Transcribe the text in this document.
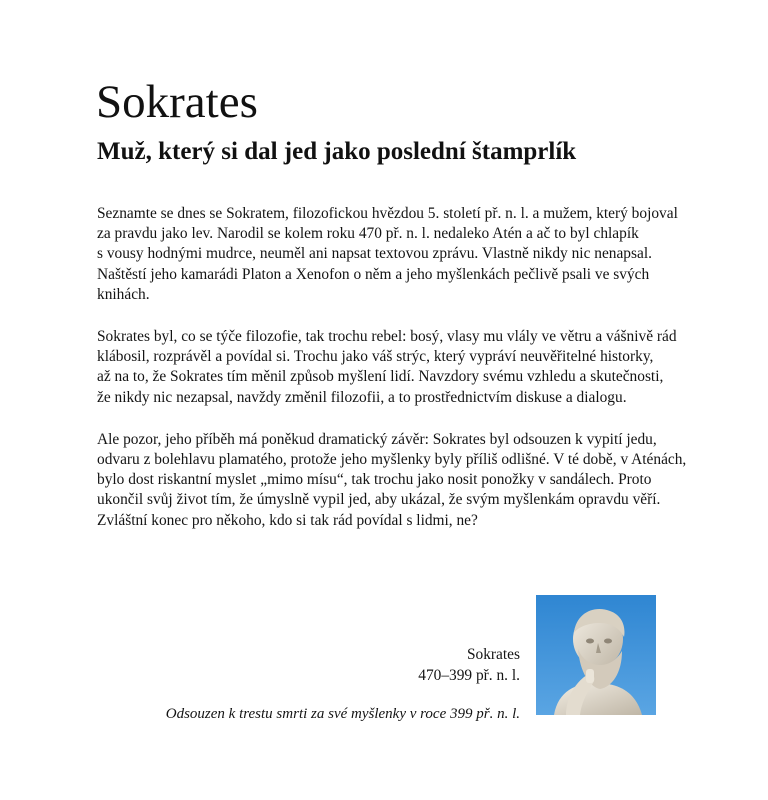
Sokrates
Muž, který si dal jed jako poslední štamprlík

Seznamte se dnes se Sokratem, filozofickou hvězdou 5. století př. n. l. a mužem, který bojoval
za pravdu jako lev. Narodil se kolem roku 470 př. n. l. nedaleko Atén a ač to byl chlapík
s vousy hodnými mudrce, neuměl ani napsat textovou zprávu. Vlastně nikdy nic nenapsal.
Naštěstí jeho kamarádi Platon a Xenofon o něm a jeho myšlenkách pečlivě psali ve svých
knihách.

Sokrates byl, co se týče filozofie, tak trochu rebel: bosý, vlasy mu vlály ve větru a vášnivě rád
klábosil, rozprávěl a povídal si. Trochu jako váš strýc, který vypráví neuvěřitelné historky,
až na to, že Sokrates tím měnil způsob myšlení lidí. Navzdory svému vzhledu a skutečnosti,
že nikdy nic nezapsal, navždy změnil filozofii, a to prostřednictvím diskuse a dialogu.

Ale pozor, jeho příběh má poněkud dramatický závěr: Sokrates byl odsouzen k vypití jedu,
odvaru z bolehlavu plamatého, protože jeho myšlenky byly příliš odlišné. V té době, v Aténách,
bylo dost riskantní myslet „mimo mísu“, tak trochu jako nosit ponožky v sandálech. Proto
ukončil svůj život tím, že úmyslně vypil jed, aby ukázal, že svým myšlenkám opravdu věří.
Zvláštní konec pro někoho, kdo si tak rád povídal s lidmi, ne?

Sokrates
470–399 př. n. l.
Odsouzen k trestu smrti za své myšlenky v roce 399 př. n. l.
